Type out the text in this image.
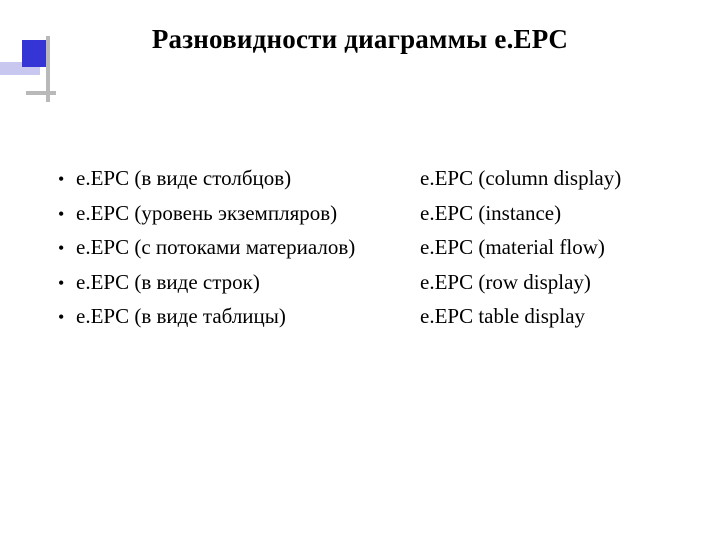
Разновидности диаграммы e.EPC
• e.EPC (в виде столбцов)
• e.EPC (уровень экземпляров)
• e.EPC (с потоками материалов)
• e.EPC (в виде строк)
• e.EPC (в виде таблицы)
e.EPC (column display)
e.EPC (instance)
e.EPC (material flow)
e.EPC (row display)
e.EPC table display
